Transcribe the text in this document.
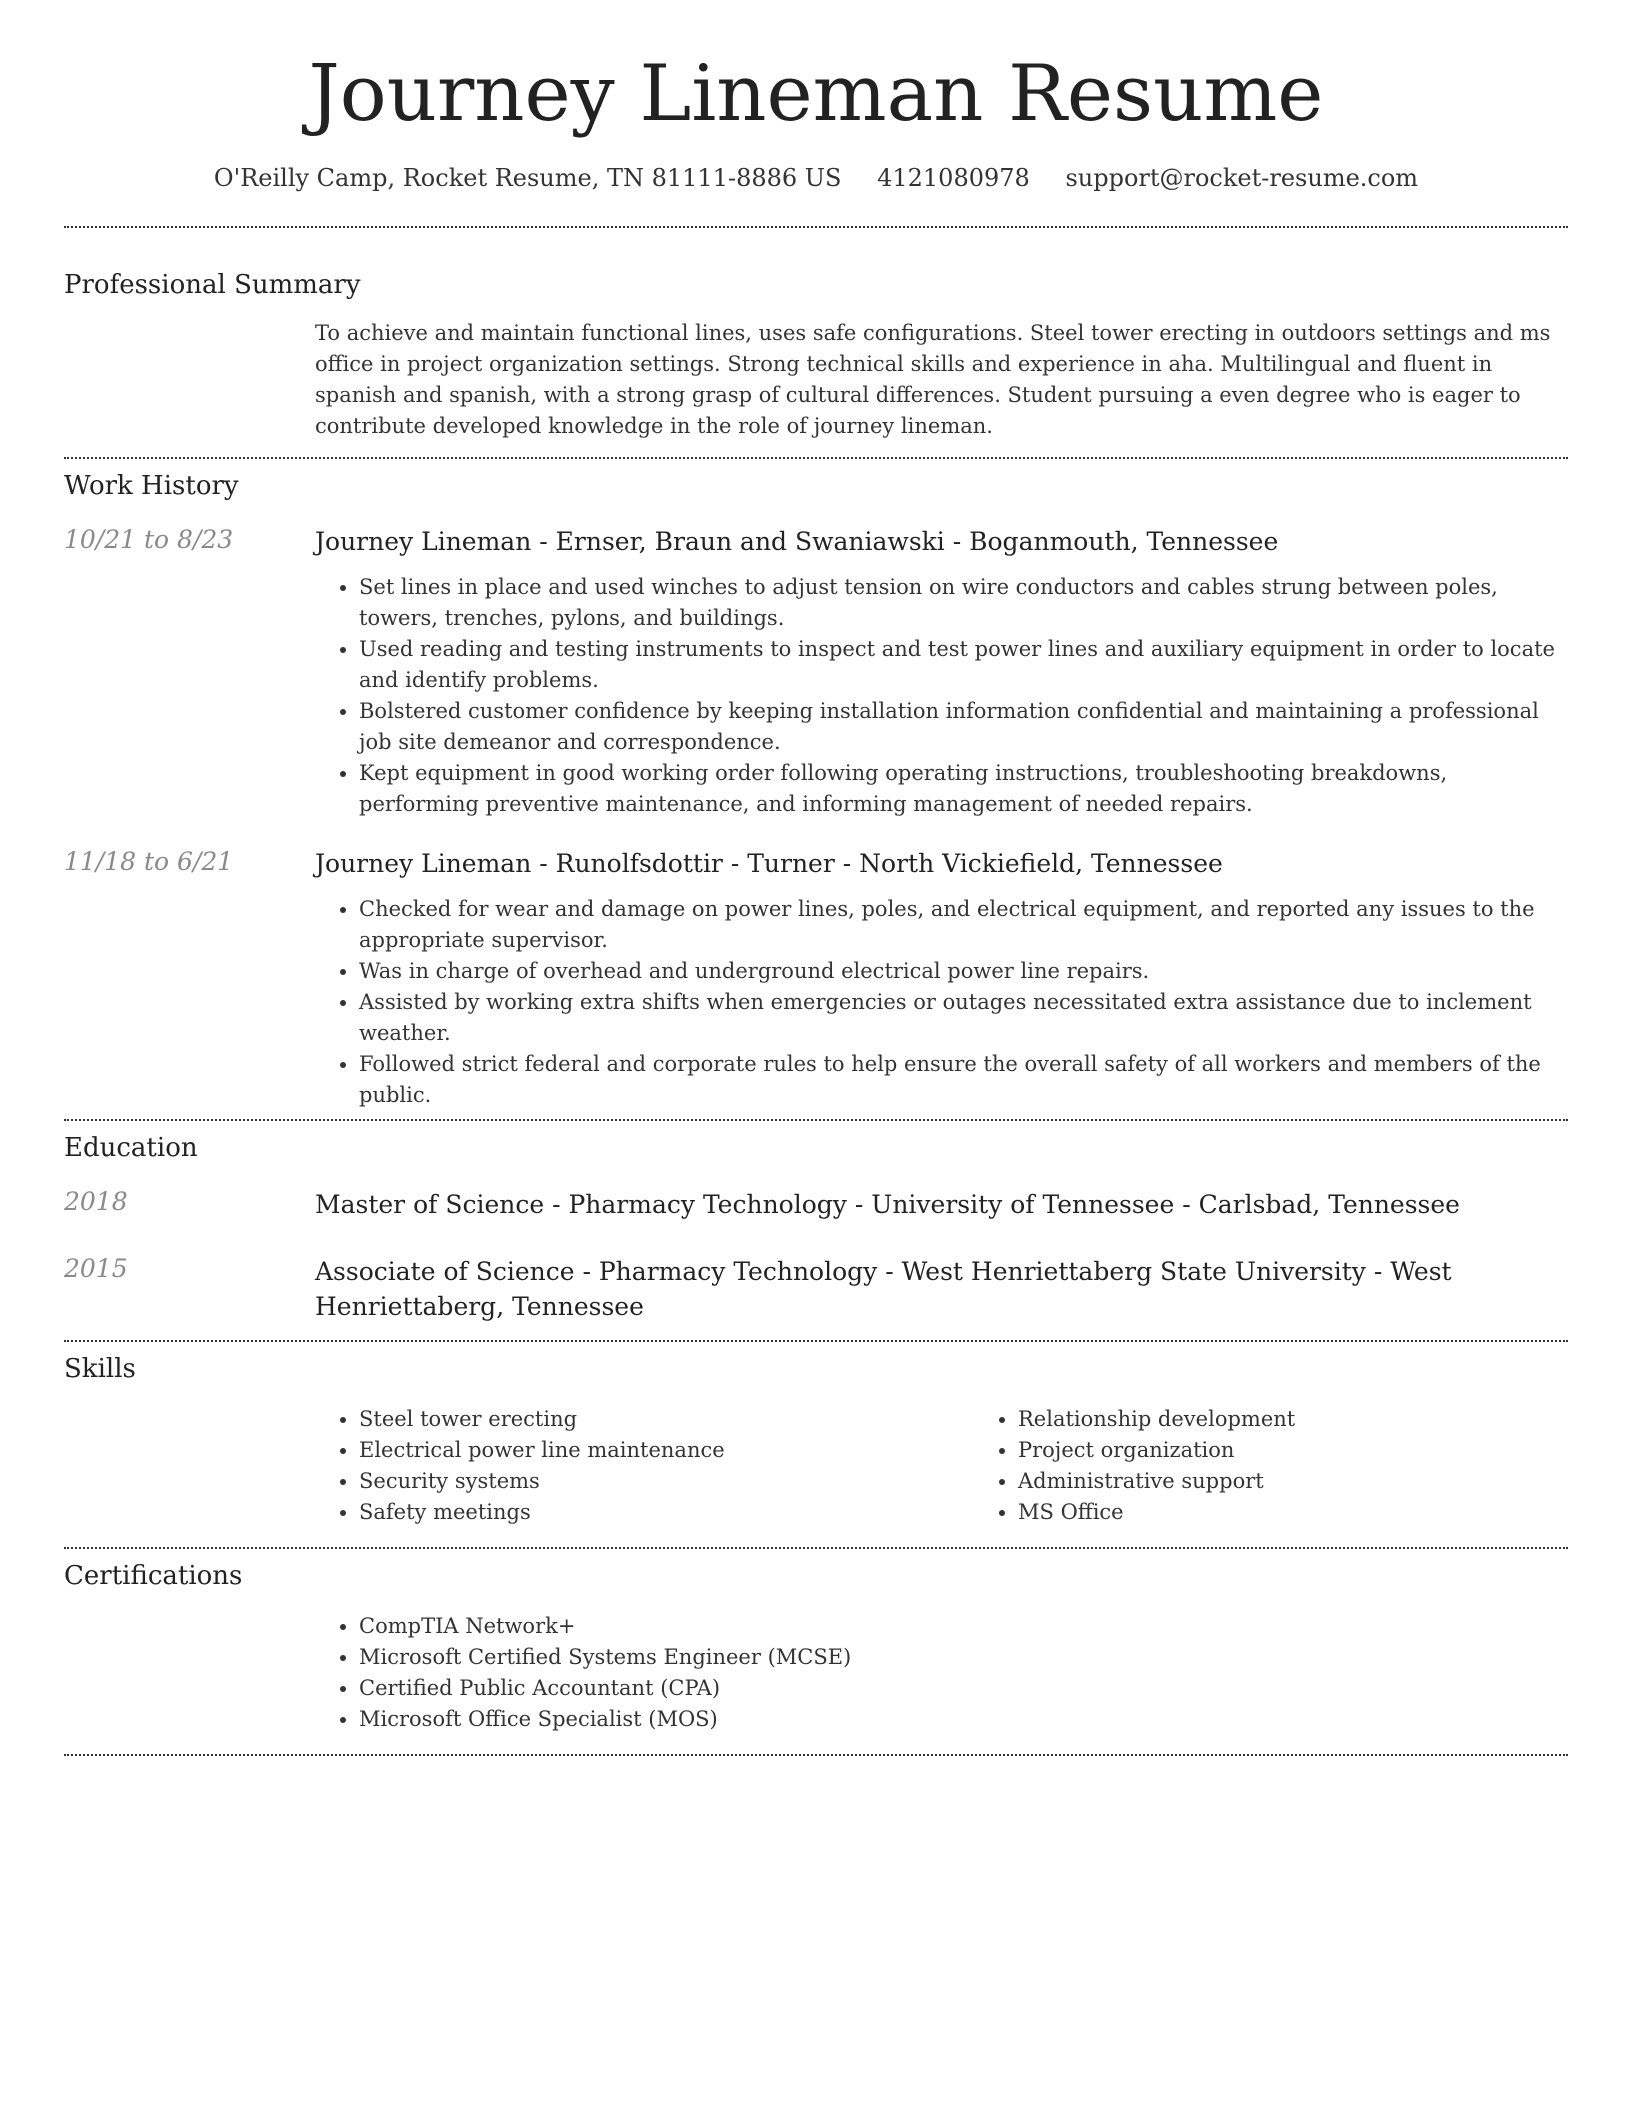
Journey Lineman Resume
O'Reilly Camp, Rocket Resume, TN 81111-8886 US 4121080978 support@rocket-resume.com
Professional Summary

To achieve and maintain functional lines, uses safe configurations. Steel tower erecting in outdoors settings and ms office in project organization settings. Strong technical skills and experience in aha. Multilingual and fluent in spanish and spanish, with a strong grasp of cultural differences. Student pursuing a even degree who is eager to contribute developed knowledge in the role of journey lineman.

Work History
10/21 to 8/23	Journey Lineman - Ernser, Braun and Swaniawski - Boganmouth, Tennessee

• Set lines in place and used winches to adjust tension on wire conductors and cables strung between poles, towers, trenches, pylons, and buildings.
• Used reading and testing instruments to inspect and test power lines and auxiliary equipment in order to locate and identify problems.
• Bolstered customer confidence by keeping installation information confidential and maintaining a professional job site demeanor and correspondence.
• Kept equipment in good working order following operating instructions, troubleshooting breakdowns, performing preventive maintenance, and informing management of needed repairs.
11/18 to 6/21	Journey Lineman - Runolfsdottir - Turner - North Vickiefield, Tennessee

• Checked for wear and damage on power lines, poles, and electrical equipment, and reported any issues to the appropriate supervisor.
• Was in charge of overhead and underground electrical power line repairs.
• Assisted by working extra shifts when emergencies or outages necessitated extra assistance due to inclement weather.
• Followed strict federal and corporate rules to help ensure the overall safety of all workers and members of the public.
Education
2018	Master of Science - Pharmacy Technology - University of Tennessee - Carlsbad, Tennessee

2015	Associate of Science - Pharmacy Technology - West Henriettaberg State University - West Henriettaberg, Tennessee

Skills
• Steel tower erecting
• Electrical power line maintenance
• Security systems
• Safety meetings
• Relationship development
• Project organization
• Administrative support
• MS Office
Certifications
• CompTIA Network+
• Microsoft Certified Systems Engineer (MCSE)
• Certified Public Accountant (CPA)
• Microsoft Office Specialist (MOS)
